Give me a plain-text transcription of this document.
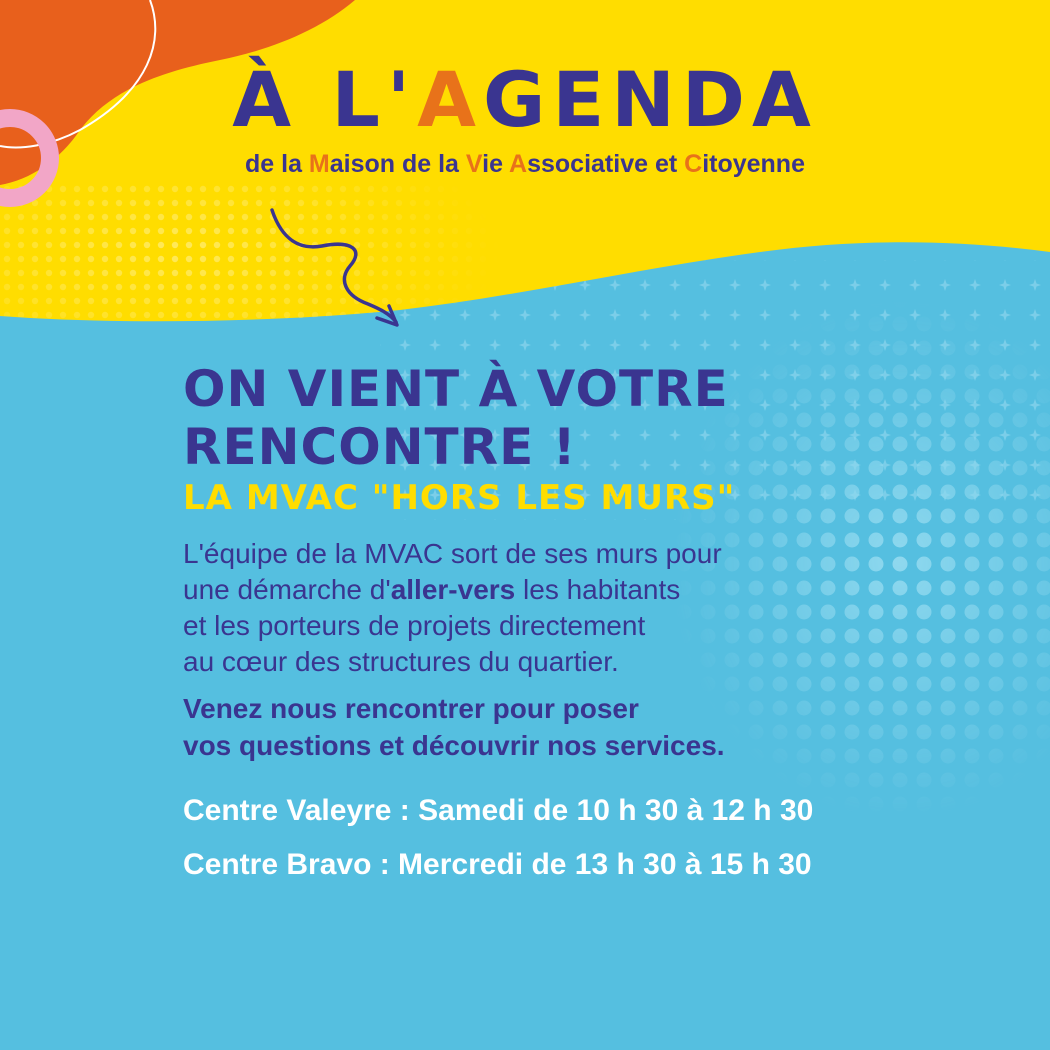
À L'AGENDA

de la Maison de la Vie Associative et Citoyenne

ON VIENT À VOTRE
RENCONTRE !
LA MVAC "HORS LES MURS"

L'équipe de la MVAC sort de ses murs pour
une démarche d'aller-vers les habitants
et les porteurs de projets directement
au cœur des structures du quartier.

Venez nous rencontrer pour poser
vos questions et découvrir nos services.

Centre Valeyre : Samedi de 10 h 30 à 12 h 30

Centre Bravo : Mercredi de 13 h 30 à 15 h 30
